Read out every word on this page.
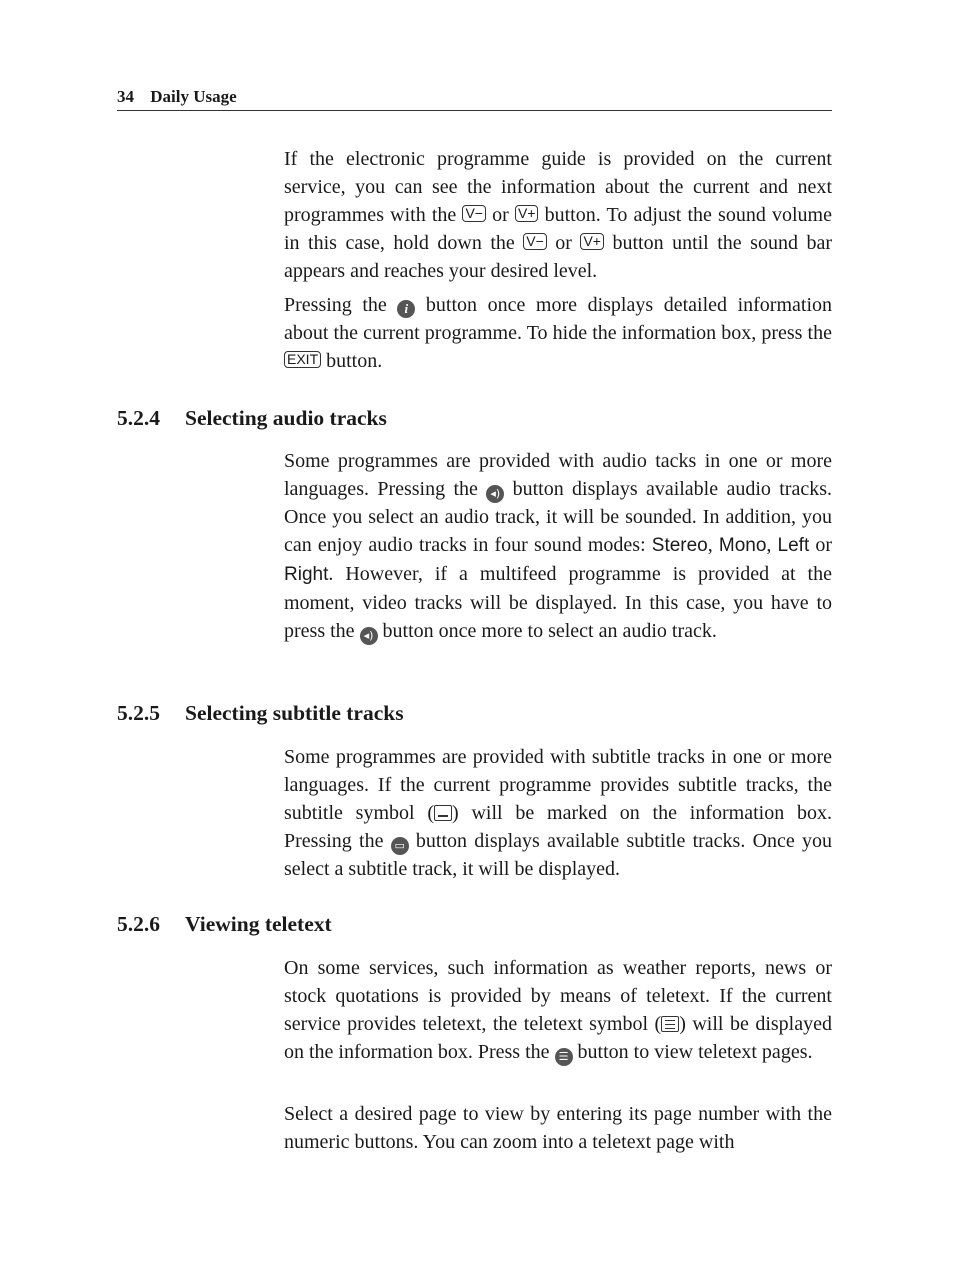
34 Daily Usage

If the electronic programme guide is provided on the current service, you can see the information about the current and next programmes with the V− or V+ button. To adjust the sound volume in this case, hold down the V− or V+ button until the sound bar appears and reaches your desired level.

Pressing the i button once more displays detailed information about the current programme. To hide the information box, press the EXIT button.

5.2.4 Selecting audio tracks

Some programmes are provided with audio tacks in one or more languages. Pressing the ◂) button displays available audio tracks. Once you select an audio track, it will be sounded. In addition, you can enjoy audio tracks in four sound modes: Stereo, Mono, Left or Right. However, if a multifeed programme is provided at the moment, video tracks will be displayed. In this case, you have to press the ◂) button once more to select an audio track.

5.2.5 Selecting subtitle tracks

Some programmes are provided with subtitle tracks in one or more languages. If the current programme provides subtitle tracks, the subtitle symbol ( ) will be marked on the information box. Pressing the ▭ button displays available subtitle tracks. Once you select a subtitle track, it will be displayed.

5.2.6 Viewing teletext

On some services, such information as weather reports, news or stock quotations is provided by means of teletext. If the current service provides teletext, the teletext symbol ( ) will be displayed on the information box. Press the ☰ button to view teletext pages.

Select a desired page to view by entering its page number with the numeric buttons. You can zoom into a teletext page with
